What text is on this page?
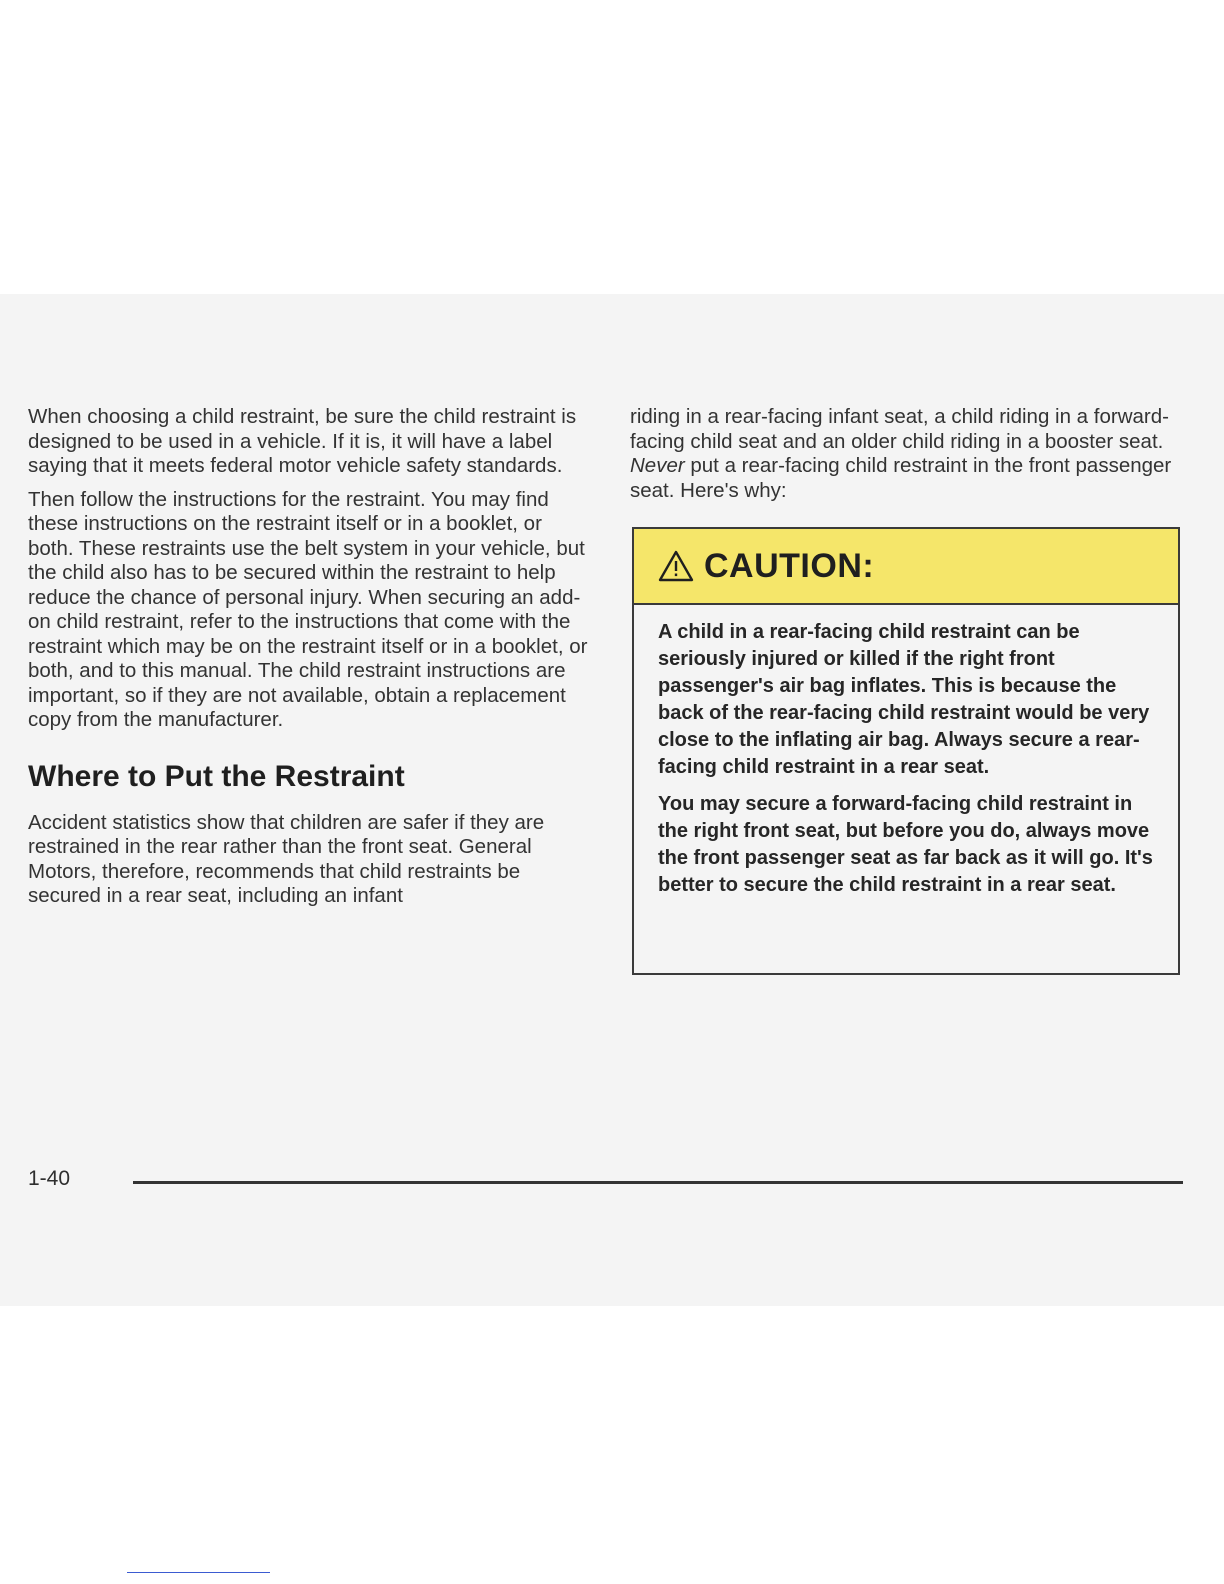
When choosing a child restraint, be sure the child restraint is designed to be used in a vehicle. If it is, it will have a label saying that it meets federal motor vehicle safety standards.

Then follow the instructions for the restraint. You may find these instructions on the restraint itself or in a booklet, or both. These restraints use the belt system in your vehicle, but the child also has to be secured within the restraint to help reduce the chance of personal injury. When securing an add-on child restraint, refer to the instructions that come with the restraint which may be on the restraint itself or in a booklet, or both, and to this manual. The child restraint instructions are important, so if they are not available, obtain a replacement copy from the manufacturer.

Where to Put the Restraint

Accident statistics show that children are safer if they are restrained in the rear rather than the front seat. General Motors, therefore, recommends that child restraints be secured in a rear seat, including an infant

riding in a rear-facing infant seat, a child riding in a forward-facing child seat and an older child riding in a booster seat. Never put a rear-facing child restraint in the front passenger seat. Here's why:

CAUTION:

A child in a rear-facing child restraint can be seriously injured or killed if the right front passenger's air bag inflates. This is because the back of the rear-facing child restraint would be very close to the inflating air bag. Always secure a rear-facing child restraint in a rear seat.

You may secure a forward-facing child restraint in the right front seat, but before you do, always move the front passenger seat as far back as it will go. It's better to secure the child restraint in a rear seat.

1-40
